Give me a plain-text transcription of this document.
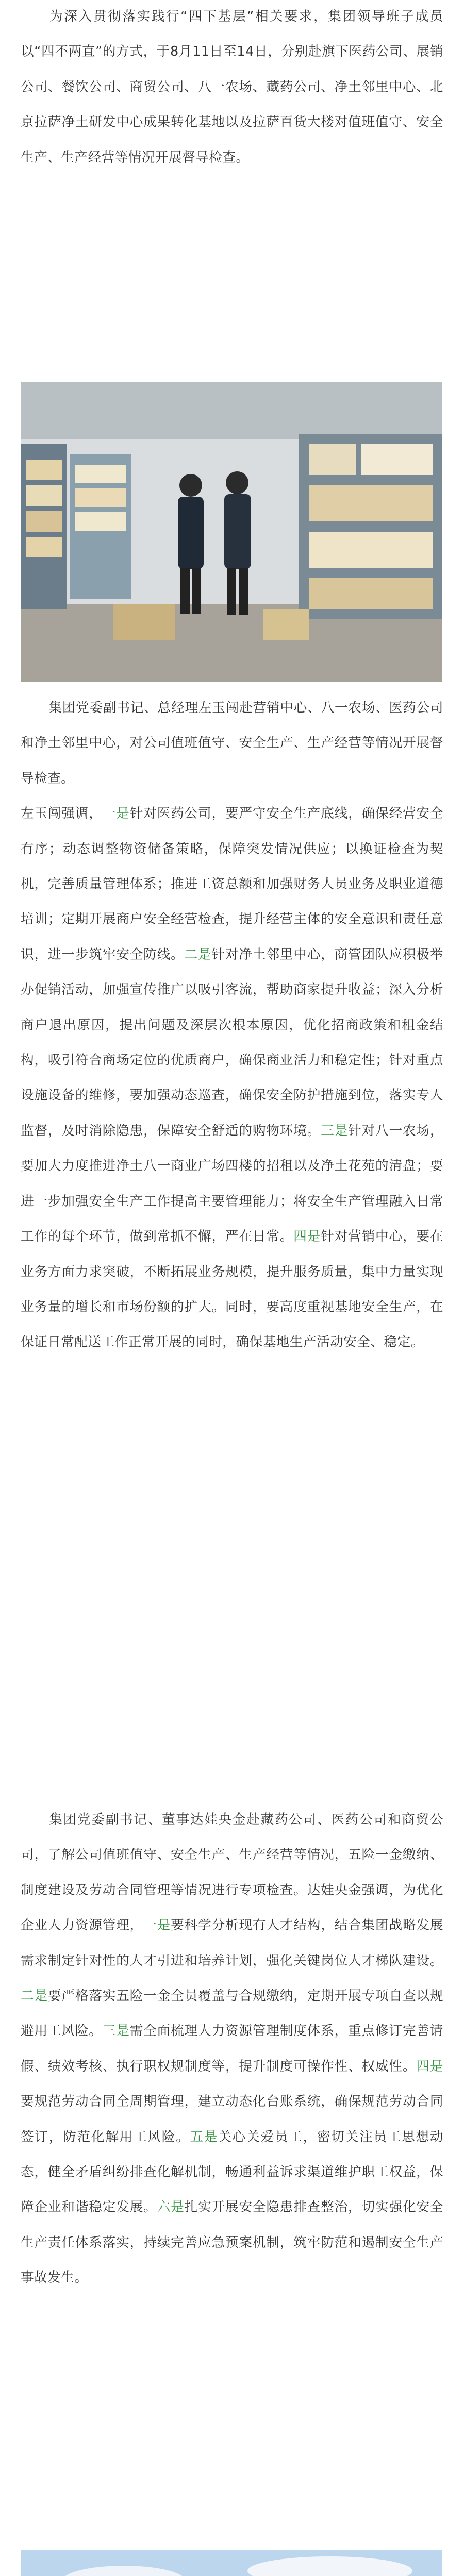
为深入贯彻落实践行“四下基层”相关要求，集团领导班子成员以“四不两直”的方式，于8月11日至14日，分别赴旗下医药公司、展销公司、餐饮公司、商贸公司、八一农场、藏药公司、净土邻里中心、北京拉萨净土研发中心成果转化基地以及拉萨百货大楼对值班值守、安全生产、生产经营等情况开展督导检查。

集团党委副书记、总经理左玉闯赴营销中心、八一农场、医药公司和净土邻里中心，对公司值班值守、安全生产、生产经营等情况开展督导检查。

左玉闯强调，一是针对医药公司，要严守安全生产底线，确保经营安全有序；动态调整物资储备策略，保障突发情况供应；以换证检查为契机，完善质量管理体系；推进工资总额和加强财务人员业务及职业道德培训；定期开展商户安全经营检查，提升经营主体的安全意识和责任意识，进一步筑牢安全防线。二是针对净土邻里中心，商管团队应积极举办促销活动，加强宣传推广以吸引客流，帮助商家提升收益；深入分析商户退出原因，提出问题及深层次根本原因，优化招商政策和租金结构，吸引符合商场定位的优质商户，确保商业活力和稳定性；针对重点设施设备的维修，要加强动态巡查，确保安全防护措施到位，落实专人监督，及时消除隐患，保障安全舒适的购物环境。三是针对八一农场，要加大力度推进净土八一商业广场四楼的招租以及净土花苑的清盘；要进一步加强安全生产工作提高主要管理能力；将安全生产管理融入日常工作的每个环节，做到常抓不懈，严在日常。四是针对营销中心，要在业务方面力求突破，不断拓展业务规模，提升服务质量，集中力量实现业务量的增长和市场份额的扩大。同时，要高度重视基地安全生产，在保证日常配送工作正常开展的同时，确保基地生产活动安全、稳定。

集团党委副书记、董事达娃央金赴藏药公司、医药公司和商贸公司，了解公司值班值守、安全生产、生产经营等情况，五险一金缴纳、制度建设及劳动合同管理等情况进行专项检查。达娃央金强调，为优化企业人力资源管理，一是要科学分析现有人才结构，结合集团战略发展需求制定针对性的人才引进和培养计划，强化关键岗位人才梯队建设。二是要严格落实五险一金全员覆盖与合规缴纳，定期开展专项自查以规避用工风险。三是需全面梳理人力资源管理制度体系，重点修订完善请假、绩效考核、执行职权规制度等，提升制度可操作性、权威性。四是要规范劳动合同全周期管理，建立动态化台账系统，确保规范劳动合同签订，防范化解用工风险。五是关心关爱员工，密切关注员工思想动态，健全矛盾纠纷排查化解机制，畅通利益诉求渠道维护职工权益，保障企业和谐稳定发展。六是扎实开展安全隐患排查整治，切实强化安全生产责任体系落实，持续完善应急预案机制，筑牢防范和遏制安全生产事故发生。
